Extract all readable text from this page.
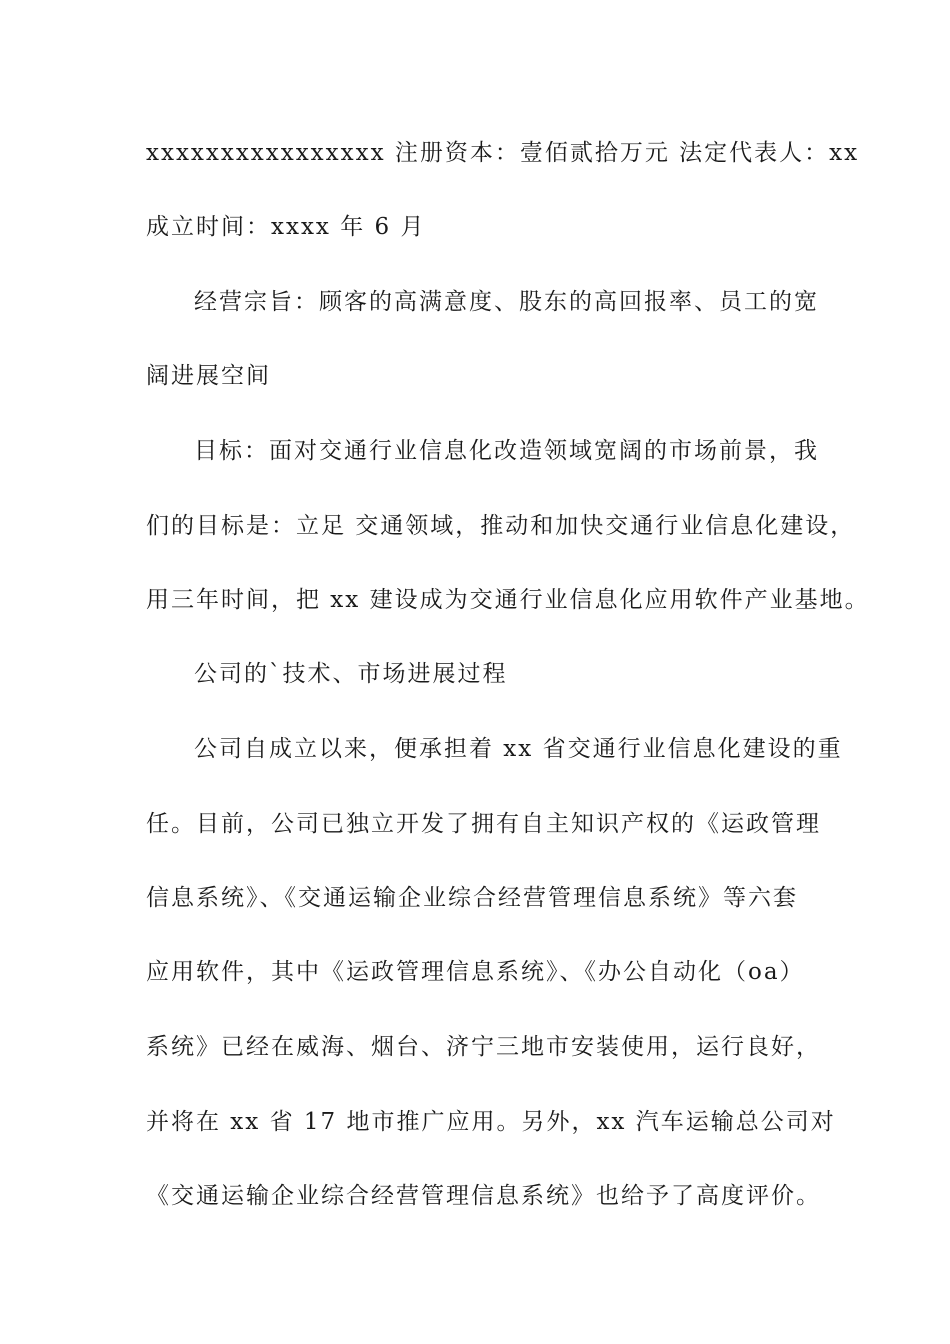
xxxxxxxxxxxxxxxx 注册资本：壹佰贰拾万元 法定代表人：xx
成立时间：xxxx 年 6 月
经营宗旨：顾客的高满意度、股东的高回报率、员工的宽
阔进展空间
目标：面对交通行业信息化改造领域宽阔的市场前景，我
们的目标是：立足 交通领域，推动和加快交通行业信息化建设，
用三年时间，把 xx 建设成为交通行业信息化应用软件产业基地。
公司的`技术、市场进展过程
公司自成立以来，便承担着 xx 省交通行业信息化建设的重
任。目前，公司已独立开发了拥有自主知识产权的《运政管理
信息系统》、《交通运输企业综合经营管理信息系统》等六套
应用软件，其中《运政管理信息系统》、《办公自动化（oa）
系统》已经在威海、烟台、济宁三地市安装使用，运行良好，
并将在 xx 省 17 地市推广应用。另外，xx 汽车运输总公司对
《交通运输企业综合经营管理信息系统》也给予了高度评价。
